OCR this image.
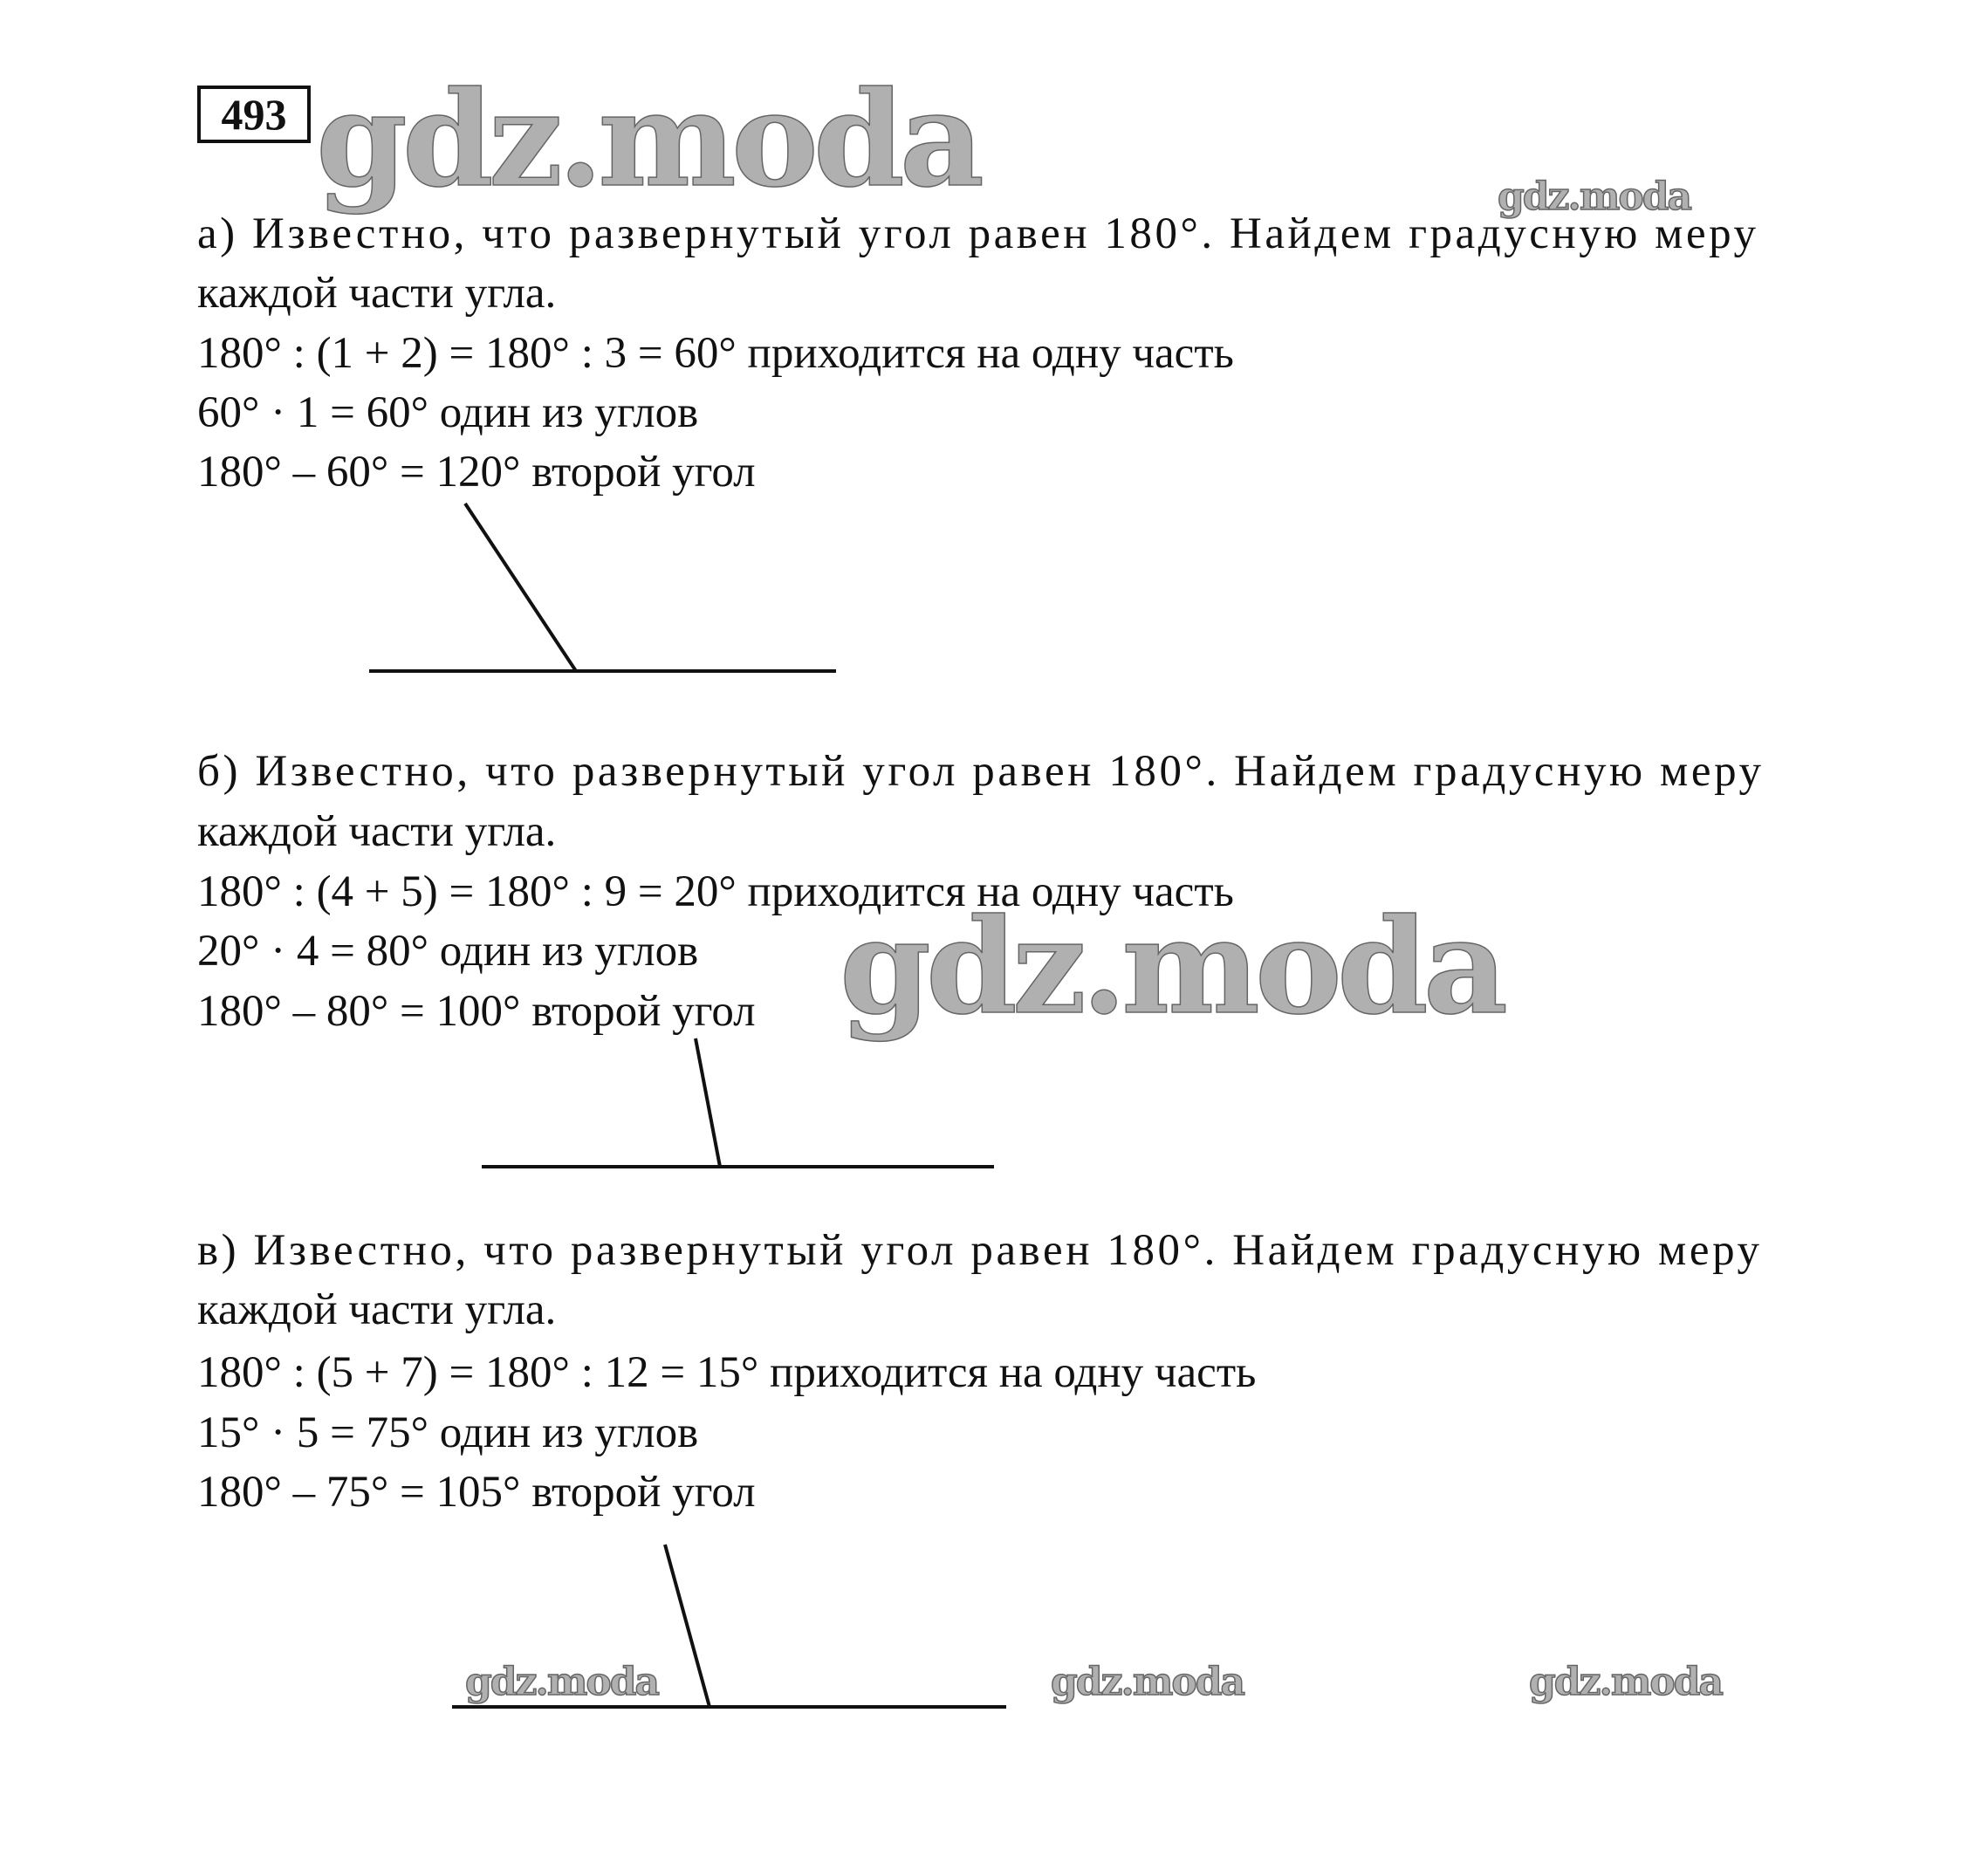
493 gdz.moda	gdz.moda
а) Известно, что развернутый угол равен 180°. Найдем градусную меру
каждой части угла.
180° : (1 + 2) = 180° : 3 = 60° приходится на одну часть
60° · 1 = 60° один из углов
180° – 60° = 120° второй угол
б) Известно, что развернутый угол равен 180°. Найдем градусную меру
каждой части угла.
180° : (4 + 5) = 180° : 9 = 20° приходится на одну часть
20° · 4 = 80° один из углов
180° – 80° = 100° второй угол gdz.moda
в) Известно, что развернутый угол равен 180°. Найдем градусную меру
каждой части угла.
180° : (5 + 7) = 180° : 12 = 15° приходится на одну часть
15° · 5 = 75° один из углов
180° – 75° = 105° второй угол
gdz.moda	gdz.moda	gdz.moda
